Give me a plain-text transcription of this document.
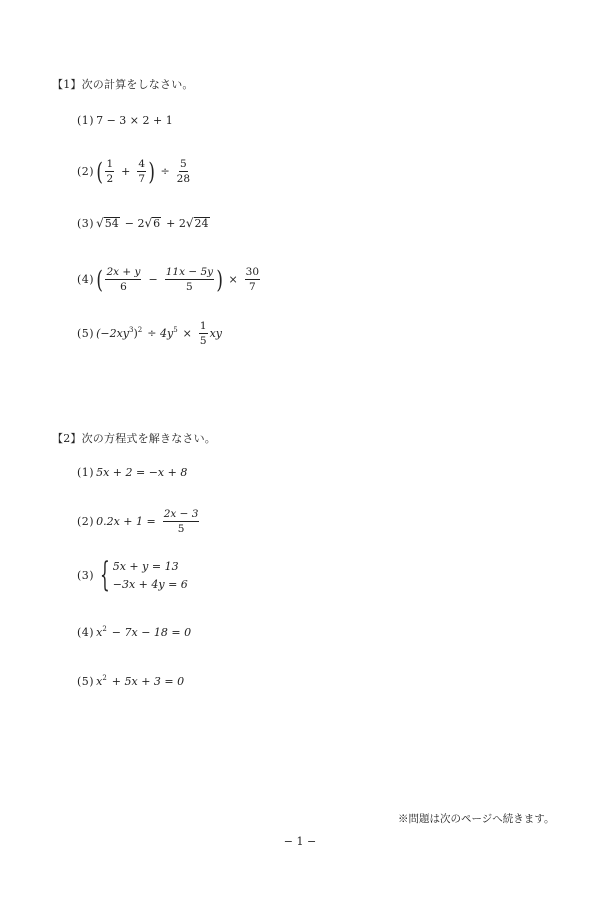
【1】次の計算をしなさい。
(1) 7 − 3 × 2 + 1
(2) ( $\frac{1}{2} + \frac{4}{7}$ ) ÷ $\frac{5}{28}$
(3) √ 54 − 2 √ 6 + 2 √ 24
(4) ( $\frac{2x + y}{6} - \frac{11x - 5y}{5}$ ) × $\frac{30}{7}$
(5) $(-2xy^3)^2 \div 4y^5 \times \frac{1}{5}$ xy
【2】次の方程式を解きなさい。
(1) 5x + 2 = −x + 8
(2) $0.2x + 1 = \frac{2x - 3}{5}$
(3) { 5x + y = 13
−3x + 4y = 6
(4) $x^2 - 7x - 18 = 0$
(5) $x^2 + 5x + 3 = 0$
※問題は次のページへ続きます。
− 1 −
